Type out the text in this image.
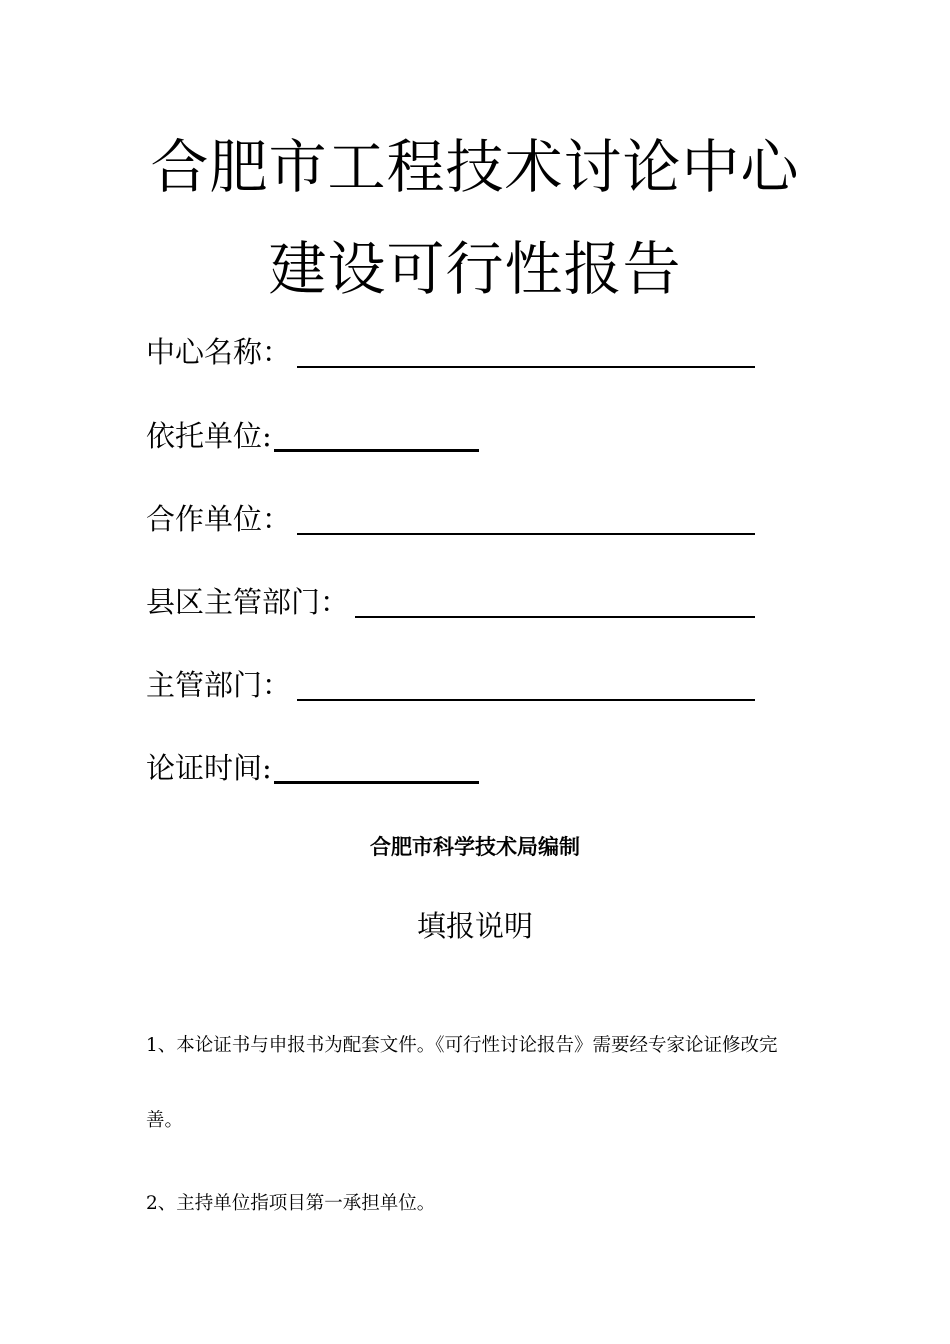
合肥市工程技术讨论中心
建设可行性报告
中心名称：
依托单位:
合作单位：
县区主管部门：
主管部门：
论证时间:
合肥市科学技术局编制
填报说明
1、本论证书与申报书为配套文件。《可行性讨论报告》需要经专家论证修改完
善。
2、主持单位指项目第一承担单位。
